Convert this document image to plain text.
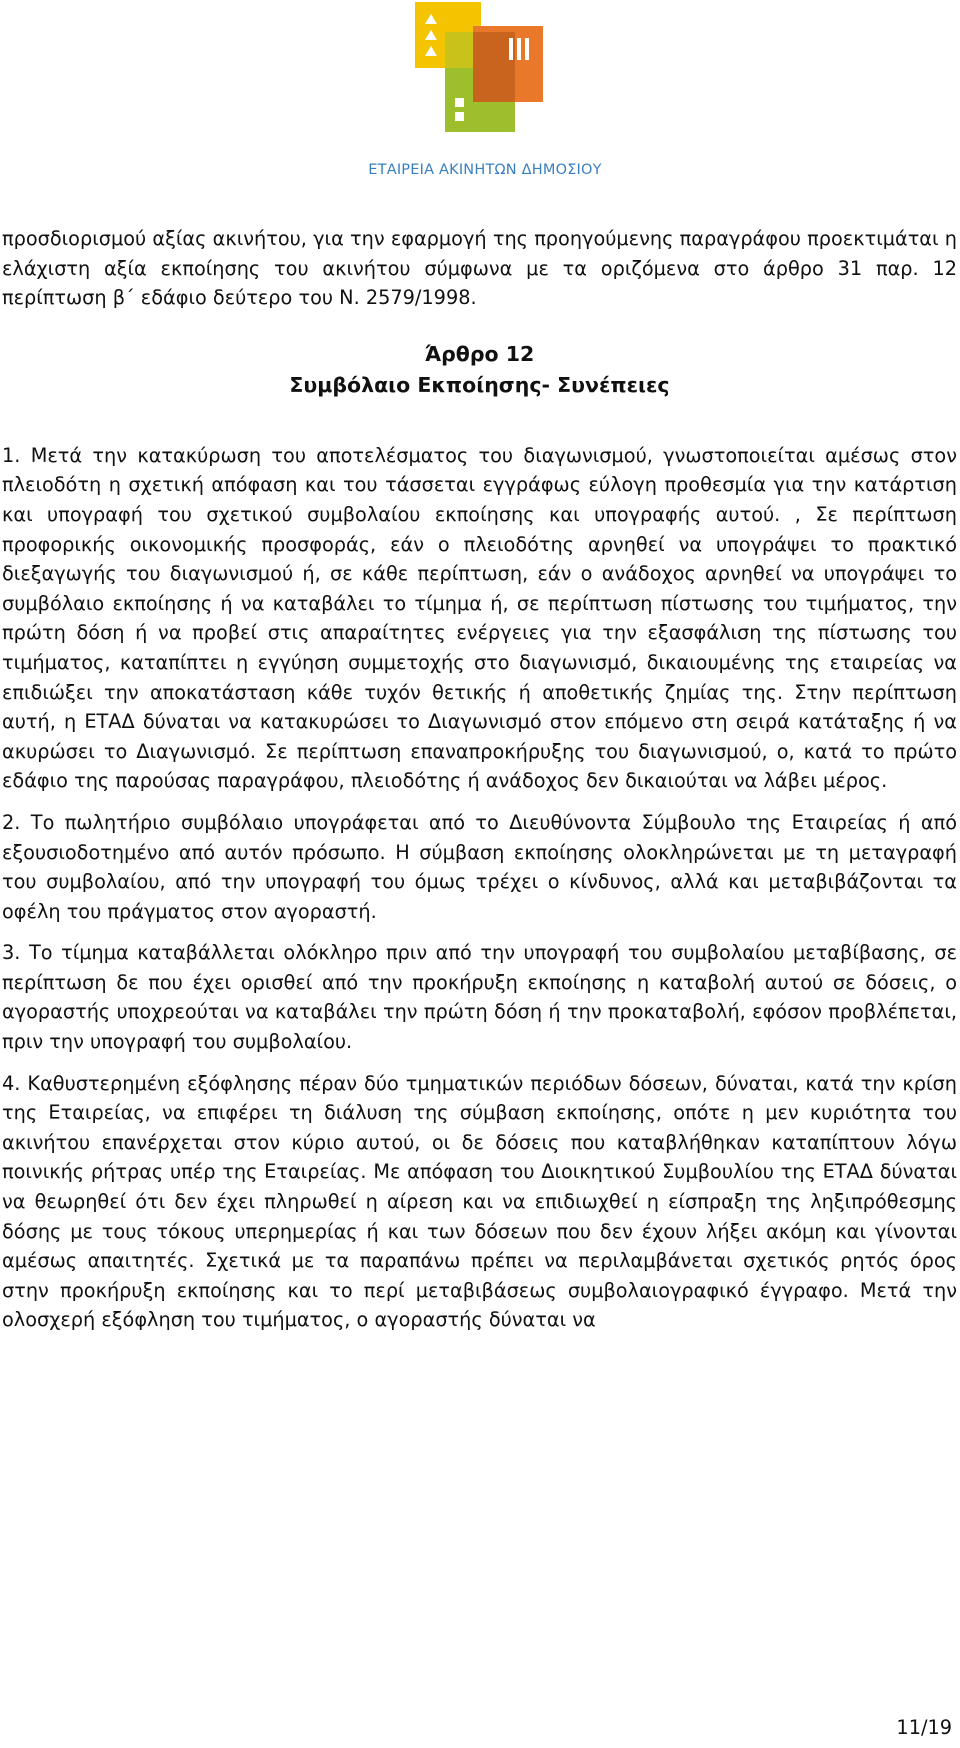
ΕΤΑΙΡΕΙΑ ΑΚΙΝΗΤΩΝ ΔΗΜΟΣΙΟΥ

προσδιορισμού αξίας ακινήτου, για την εφαρμογή της προηγούμενης παραγράφου προεκτιμάται η ελάχιστη αξία εκποίησης του ακινήτου σύμφωνα με τα οριζόμενα στο άρθρο 31 παρ. 12 περίπτωση β΄ εδάφιο δεύτερο του Ν. 2579/1998.

Άρθρο 12
Συμβόλαιο Εκποίησης- Συνέπειες

1. Μετά την κατακύρωση του αποτελέσματος του διαγωνισμού, γνωστοποιείται αμέσως στον πλειοδότη η σχετική απόφαση και του τάσσεται εγγράφως εύλογη προθεσμία για την κατάρτιση και υπογραφή του σχετικού συμβολαίου εκποίησης και υπογραφής αυτού. , Σε περίπτωση προφορικής οικονομικής προσφοράς, εάν ο πλειοδότης αρνηθεί να υπογράψει το πρακτικό διεξαγωγής του διαγωνισμού ή, σε κάθε περίπτωση, εάν ο ανάδοχος αρνηθεί να υπογράψει το συμβόλαιο εκποίησης ή να καταβάλει το τίμημα ή, σε περίπτωση πίστωσης του τιμήματος, την πρώτη δόση ή να προβεί στις απαραίτητες ενέργειες για την εξασφάλιση της πίστωσης του τιμήματος, καταπίπτει η εγγύηση συμμετοχής στο διαγωνισμό, δικαιουμένης της εταιρείας να επιδιώξει την αποκατάσταση κάθε τυχόν θετικής ή αποθετικής ζημίας της. Στην περίπτωση αυτή, η ΕΤΑΔ δύναται να κατακυρώσει το Διαγωνισμό στον επόμενο στη σειρά κατάταξης ή να ακυρώσει το Διαγωνισμό. Σε περίπτωση επαναπροκήρυξης του διαγωνισμού, ο, κατά το πρώτο εδάφιο της παρούσας παραγράφου, πλειοδότης ή ανάδοχος δεν δικαιούται να λάβει μέρος.

2. Το πωλητήριο συμβόλαιο υπογράφεται από το Διευθύνοντα Σύμβουλο της Εταιρείας ή από εξουσιοδοτημένο από αυτόν πρόσωπο. Η σύμβαση εκποίησης ολοκληρώνεται με τη μεταγραφή του συμβολαίου, από την υπογραφή του όμως τρέχει ο κίνδυνος, αλλά και μεταβιβάζονται τα οφέλη του πράγματος στον αγοραστή.

3. Το τίμημα καταβάλλεται ολόκληρο πριν από την υπογραφή του συμβολαίου μεταβίβασης, σε περίπτωση δε που έχει ορισθεί από την προκήρυξη εκποίησης η καταβολή αυτού σε δόσεις, ο αγοραστής υποχρεούται να καταβάλει την πρώτη δόση ή την προκαταβολή, εφόσον προβλέπεται, πριν την υπογραφή του συμβολαίου.

4. Καθυστερημένη εξόφλησης πέραν δύο τμηματικών περιόδων δόσεων, δύναται, κατά την κρίση της Εταιρείας, να επιφέρει τη διάλυση της σύμβαση εκποίησης, οπότε η μεν κυριότητα του ακινήτου επανέρχεται στον κύριο αυτού, οι δε δόσεις που καταβλήθηκαν καταπίπτουν λόγω ποινικής ρήτρας υπέρ της Εταιρείας. Με απόφαση του Διοικητικού Συμβουλίου της ΕΤΑΔ δύναται να θεωρηθεί ότι δεν έχει πληρωθεί η αίρεση και να επιδιωχθεί η είσπραξη της ληξιπρόθεσμης δόσης με τους τόκους υπερημερίας ή και των δόσεων που δεν έχουν λήξει ακόμη και γίνονται αμέσως απαιτητές. Σχετικά με τα παραπάνω πρέπει να περιλαμβάνεται σχετικός ρητός όρος στην προκήρυξη εκποίησης και το περί μεταβιβάσεως συμβολαιογραφικό έγγραφο. Μετά την ολοσχερή εξόφληση του τιμήματος, ο αγοραστής δύναται να

11/19
